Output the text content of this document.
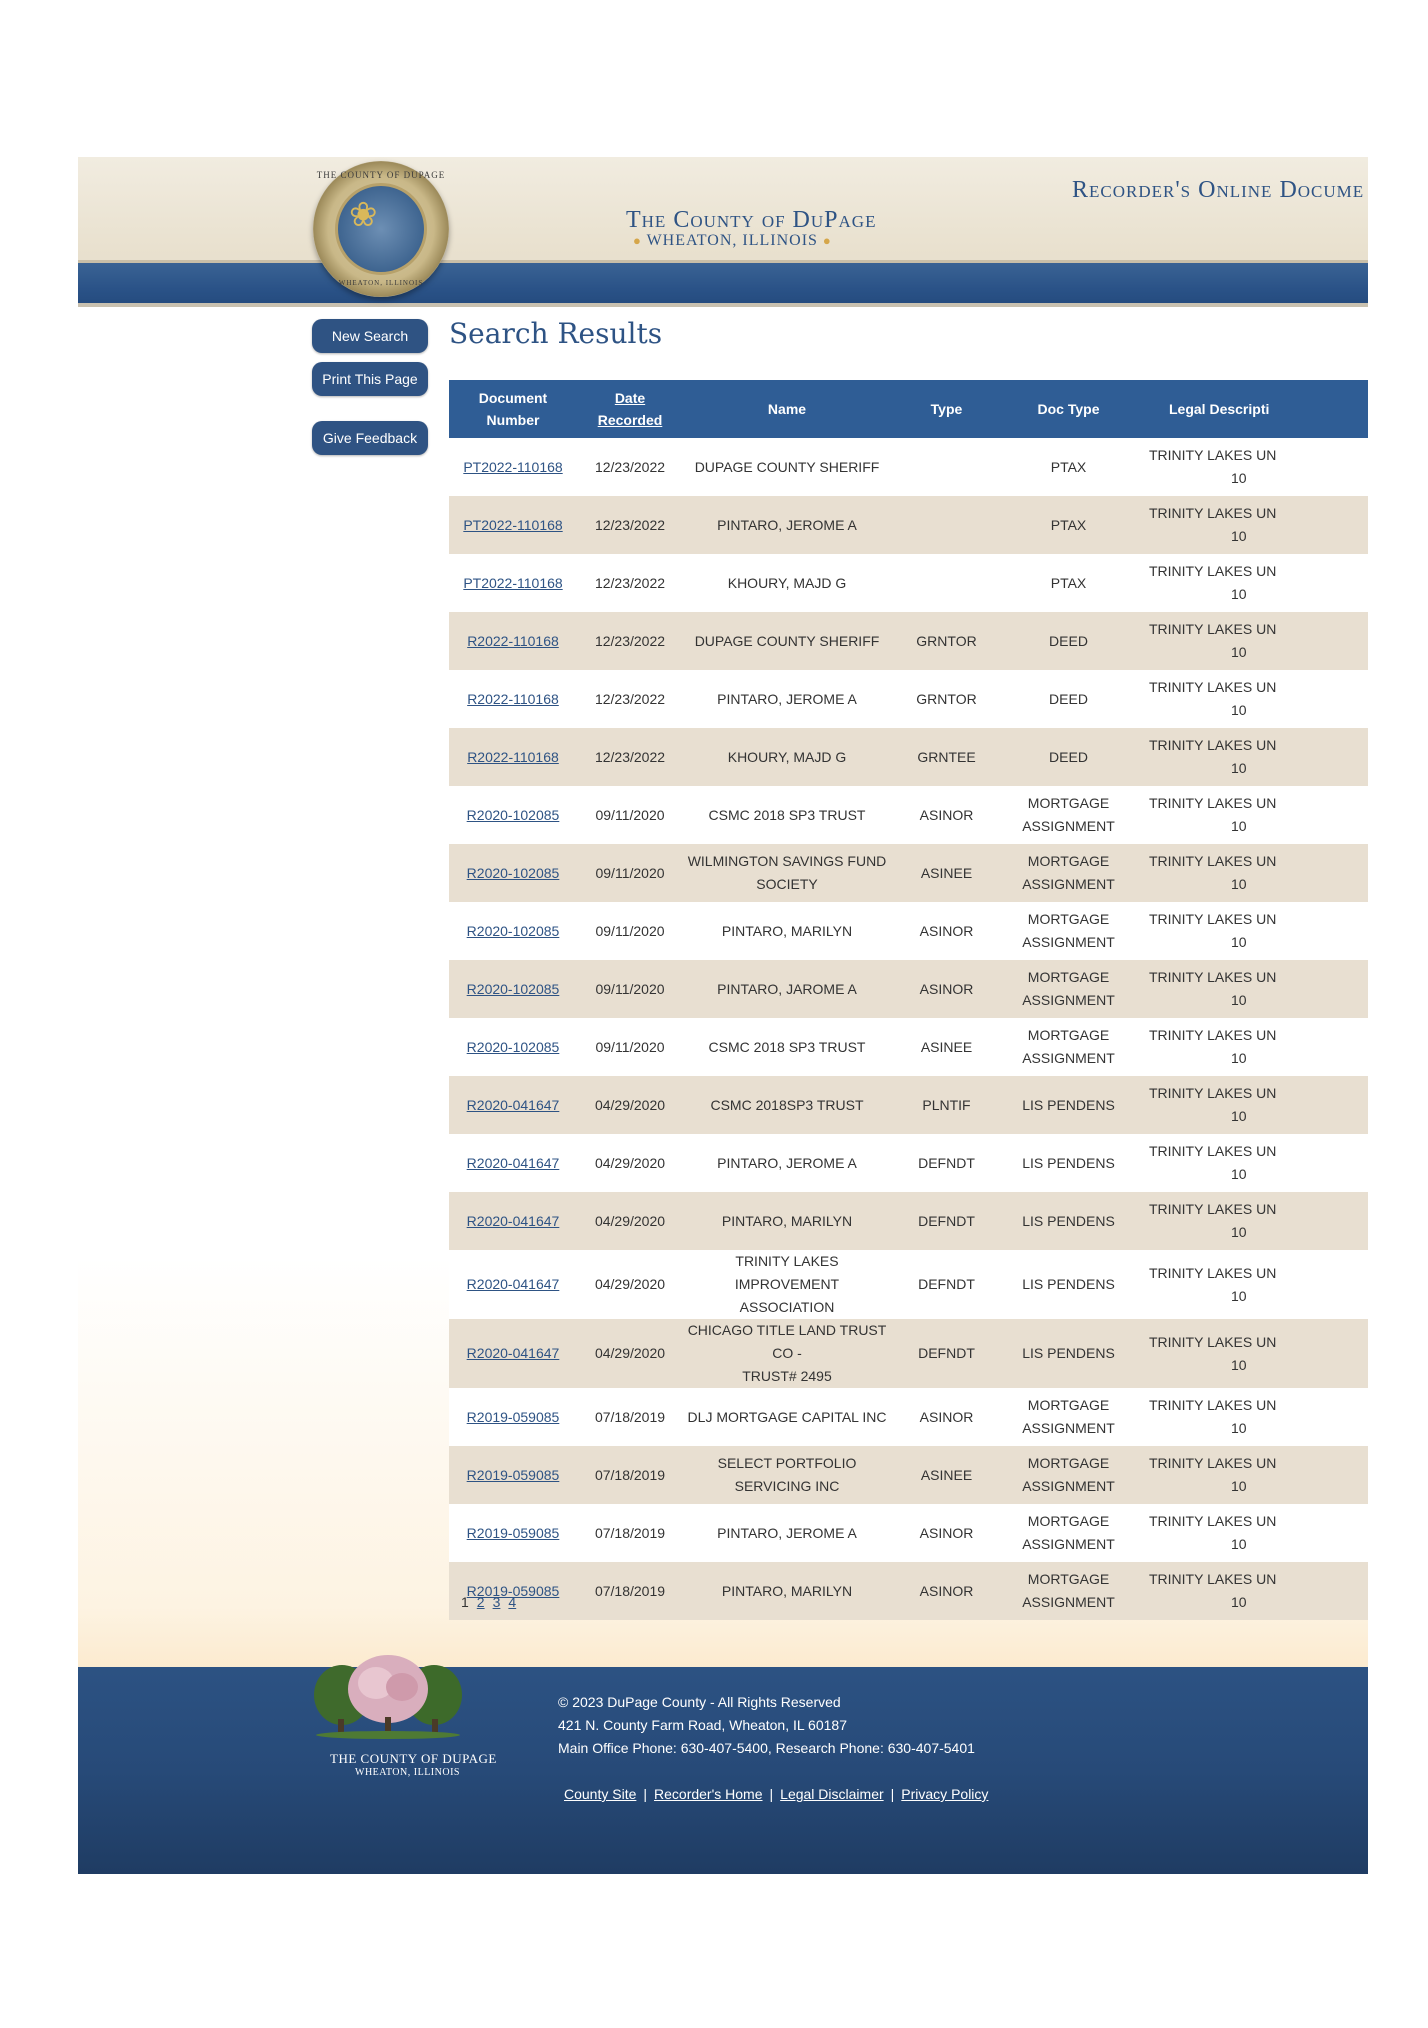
THE COUNTY OF DUPAGE
❀
WHEATON, ILLINOIS
The County of DuPage
● WHEATON, ILLINOIS ●
Recorder's Online Docume
New Search
Print This Page
Give Feedback
Search Results
Document
Number	Date
Recorded	Name	Type	Doc Type	Legal Descripti
PT2022-110168	12/23/2022	DUPAGE COUNTY SHERIFF		PTAX	TRINITY LAKES UN
10

PT2022-110168	12/23/2022	PINTARO, JEROME A		PTAX	TRINITY LAKES UN
10

PT2022-110168	12/23/2022	KHOURY, MAJD G		PTAX	TRINITY LAKES UN
10

R2022-110168	12/23/2022	DUPAGE COUNTY SHERIFF	GRNTOR	DEED	TRINITY LAKES UN
10

R2022-110168	12/23/2022	PINTARO, JEROME A	GRNTOR	DEED	TRINITY LAKES UN
10

R2022-110168	12/23/2022	KHOURY, MAJD G	GRNTEE	DEED	TRINITY LAKES UN
10

R2020-102085	09/11/2020	CSMC 2018 SP3 TRUST	ASINOR	MORTGAGE
ASSIGNMENT	TRINITY LAKES UN
10

R2020-102085	09/11/2020	WILMINGTON SAVINGS FUND SOCIETY	ASINEE	MORTGAGE
ASSIGNMENT	TRINITY LAKES UN
10

R2020-102085	09/11/2020	PINTARO, MARILYN	ASINOR	MORTGAGE
ASSIGNMENT	TRINITY LAKES UN
10

R2020-102085	09/11/2020	PINTARO, JAROME A	ASINOR	MORTGAGE
ASSIGNMENT	TRINITY LAKES UN
10

R2020-102085	09/11/2020	CSMC 2018 SP3 TRUST	ASINEE	MORTGAGE
ASSIGNMENT	TRINITY LAKES UN
10

R2020-041647	04/29/2020	CSMC 2018SP3 TRUST	PLNTIF	LIS PENDENS	TRINITY LAKES UN
10

R2020-041647	04/29/2020	PINTARO, JEROME A	DEFNDT	LIS PENDENS	TRINITY LAKES UN
10

R2020-041647	04/29/2020	PINTARO, MARILYN	DEFNDT	LIS PENDENS	TRINITY LAKES UN
10

R2020-041647	04/29/2020	TRINITY LAKES IMPROVEMENT
ASSOCIATION	DEFNDT	LIS PENDENS	TRINITY LAKES UN
10

R2020-041647	04/29/2020	CHICAGO TITLE LAND TRUST CO -
TRUST# 2495	DEFNDT	LIS PENDENS	TRINITY LAKES UN
10

R2019-059085	07/18/2019	DLJ MORTGAGE CAPITAL INC	ASINOR	MORTGAGE
ASSIGNMENT	TRINITY LAKES UN
10

R2019-059085	07/18/2019	SELECT PORTFOLIO SERVICING INC	ASINEE	MORTGAGE
ASSIGNMENT	TRINITY LAKES UN
10

R2019-059085	07/18/2019	PINTARO, JEROME A	ASINOR	MORTGAGE
ASSIGNMENT	TRINITY LAKES UN
10

R2019-059085	07/18/2019	PINTARO, MARILYN	ASINOR	MORTGAGE
ASSIGNMENT	TRINITY LAKES UN
10
1 2 3 4
THE COUNTY OF DUPAGE
WHEATON, ILLINOIS
© 2023 DuPage County - All Rights Reserved
421 N. County Farm Road, Wheaton, IL 60187
Main Office Phone: 630-407-5400, Research Phone: 630-407-5401
County Site | Recorder's Home | Legal Disclaimer | Privacy Policy
